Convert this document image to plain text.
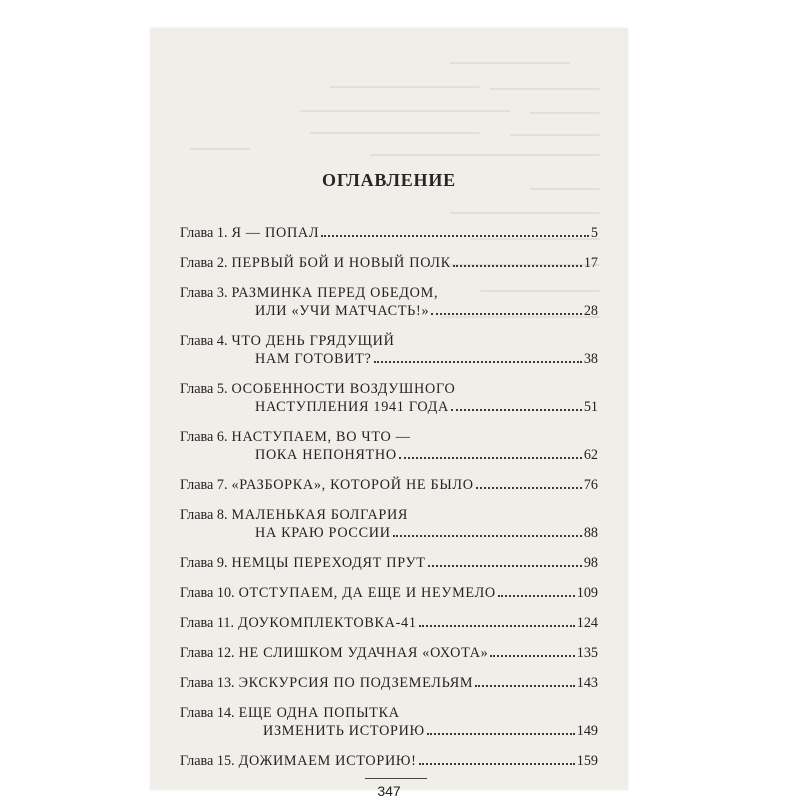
ОГЛАВЛЕНИЕ
Глава 1. Я — ПОПАЛ	5
Глава 2. ПЕРВЫЙ БОЙ И НОВЫЙ ПОЛК	17
Глава 3. РАЗМИНКА ПЕРЕД ОБЕДОМ,
ИЛИ «УЧИ МАТЧАСТЬ!»	28
Глава 4. ЧТО ДЕНЬ ГРЯДУЩИЙ
НАМ ГОТОВИТ?	38
Глава 5. ОСОБЕННОСТИ ВОЗДУШНОГО
НАСТУПЛЕНИЯ 1941 ГОДА	51
Глава 6. НАСТУПАЕМ, ВО ЧТО —
ПОКА НЕПОНЯТНО	62
Глава 7. «РАЗБОРКА», КОТОРОЙ НЕ БЫЛО	76
Глава 8. МАЛЕНЬКАЯ БОЛГАРИЯ
НА КРАЮ РОССИИ	88
Глава 9. НЕМЦЫ ПЕРЕХОДЯТ ПРУТ	98
Глава 10. ОТСТУПАЕМ, ДА ЕЩЕ И НЕУМЕЛО	109
Глава 11. ДОУКОМПЛЕКТОВКА-41	124
Глава 12. НЕ СЛИШКОМ УДАЧНАЯ «ОХОТА»	135
Глава 13. ЭКСКУРСИЯ ПО ПОДЗЕМЕЛЬЯМ	143
Глава 14. ЕЩЕ ОДНА ПОПЫТКА
ИЗМЕНИТЬ ИСТОРИЮ	149
Глава 15. ДОЖИМАЕМ ИСТОРИЮ!	159
347
